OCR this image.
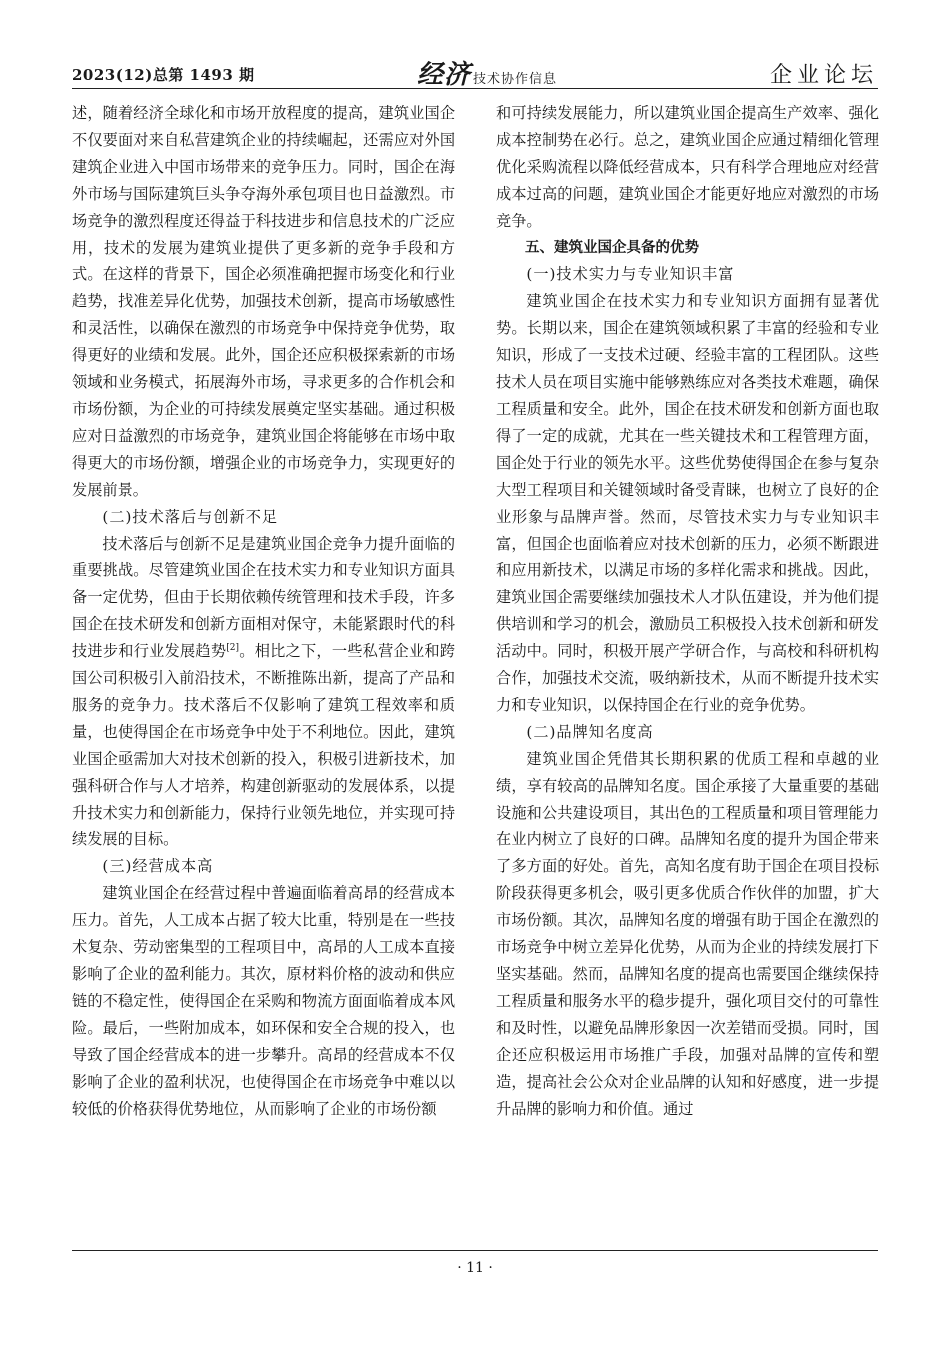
2023(12)总第 1493 期	经济 技术协作信息	企业论坛

述，随着经济全球化和市场开放程度的提高，建筑业国企不仅要面对来自私营建筑企业的持续崛起，还需应对外国建筑企业进入中国市场带来的竞争压力。同时，国企在海外市场与国际建筑巨头争夺海外承包项目也日益激烈。市场竞争的激烈程度还得益于科技进步和信息技术的广泛应用，技术的发展为建筑业提供了更多新的竞争手段和方式。在这样的背景下，国企必须准确把握市场变化和行业趋势，找准差异化优势，加强技术创新，提高市场敏感性和灵活性，以确保在激烈的市场竞争中保持竞争优势，取得更好的业绩和发展。此外，国企还应积极探索新的市场领域和业务模式，拓展海外市场，寻求更多的合作机会和市场份额，为企业的可持续发展奠定坚实基础。通过积极应对日益激烈的市场竞争，建筑业国企将能够在市场中取得更大的市场份额，增强企业的市场竞争力，实现更好的发展前景。

(二)技术落后与创新不足

技术落后与创新不足是建筑业国企竞争力提升面临的重要挑战。尽管建筑业国企在技术实力和专业知识方面具备一定优势，但由于长期依赖传统管理和技术手段，许多国企在技术研发和创新方面相对保守，未能紧跟时代的科技进步和行业发展趋势[2]。相比之下，一些私营企业和跨国公司积极引入前沿技术，不断推陈出新，提高了产品和服务的竞争力。技术落后不仅影响了建筑工程效率和质量，也使得国企在市场竞争中处于不利地位。因此，建筑业国企亟需加大对技术创新的投入，积极引进新技术，加强科研合作与人才培养，构建创新驱动的发展体系，以提升技术实力和创新能力，保持行业领先地位，并实现可持续发展的目标。

(三)经营成本高

建筑业国企在经营过程中普遍面临着高昂的经营成本压力。首先，人工成本占据了较大比重，特别是在一些技术复杂、劳动密集型的工程项目中，高昂的人工成本直接影响了企业的盈利能力。其次，原材料价格的波动和供应链的不稳定性，使得国企在采购和物流方面面临着成本风险。最后，一些附加成本，如环保和安全合规的投入，也导致了国企经营成本的进一步攀升。高昂的经营成本不仅影响了企业的盈利状况，也使得国企在市场竞争中难以以较低的价格获得优势地位，从而影响了企业的市场份额

和可持续发展能力，所以建筑业国企提高生产效率、强化成本控制势在必行。总之，建筑业国企应通过精细化管理优化采购流程以降低经营成本，只有科学合理地应对经营成本过高的问题，建筑业国企才能更好地应对激烈的市场竞争。

五、建筑业国企具备的优势

(一)技术实力与专业知识丰富

建筑业国企在技术实力和专业知识方面拥有显著优势。长期以来，国企在建筑领域积累了丰富的经验和专业知识，形成了一支技术过硬、经验丰富的工程团队。这些技术人员在项目实施中能够熟练应对各类技术难题，确保工程质量和安全。此外，国企在技术研发和创新方面也取得了一定的成就，尤其在一些关键技术和工程管理方面，国企处于行业的领先水平。这些优势使得国企在参与复杂大型工程项目和关键领域时备受青睐，也树立了良好的企业形象与品牌声誉。然而，尽管技术实力与专业知识丰富，但国企也面临着应对技术创新的压力，必须不断跟进和应用新技术，以满足市场的多样化需求和挑战。因此，建筑业国企需要继续加强技术人才队伍建设，并为他们提供培训和学习的机会，激励员工积极投入技术创新和研发活动中。同时，积极开展产学研合作，与高校和科研机构合作，加强技术交流，吸纳新技术，从而不断提升技术实力和专业知识，以保持国企在行业的竞争优势。

(二)品牌知名度高

建筑业国企凭借其长期积累的优质工程和卓越的业绩，享有较高的品牌知名度。国企承接了大量重要的基础设施和公共建设项目，其出色的工程质量和项目管理能力在业内树立了良好的口碑。品牌知名度的提升为国企带来了多方面的好处。首先，高知名度有助于国企在项目投标阶段获得更多机会，吸引更多优质合作伙伴的加盟，扩大市场份额。其次，品牌知名度的增强有助于国企在激烈的市场竞争中树立差异化优势，从而为企业的持续发展打下坚实基础。然而，品牌知名度的提高也需要国企继续保持工程质量和服务水平的稳步提升，强化项目交付的可靠性和及时性，以避免品牌形象因一次差错而受损。同时，国企还应积极运用市场推广手段，加强对品牌的宣传和塑造，提高社会公众对企业品牌的认知和好感度，进一步提升品牌的影响力和价值。通过

· 11 ·
